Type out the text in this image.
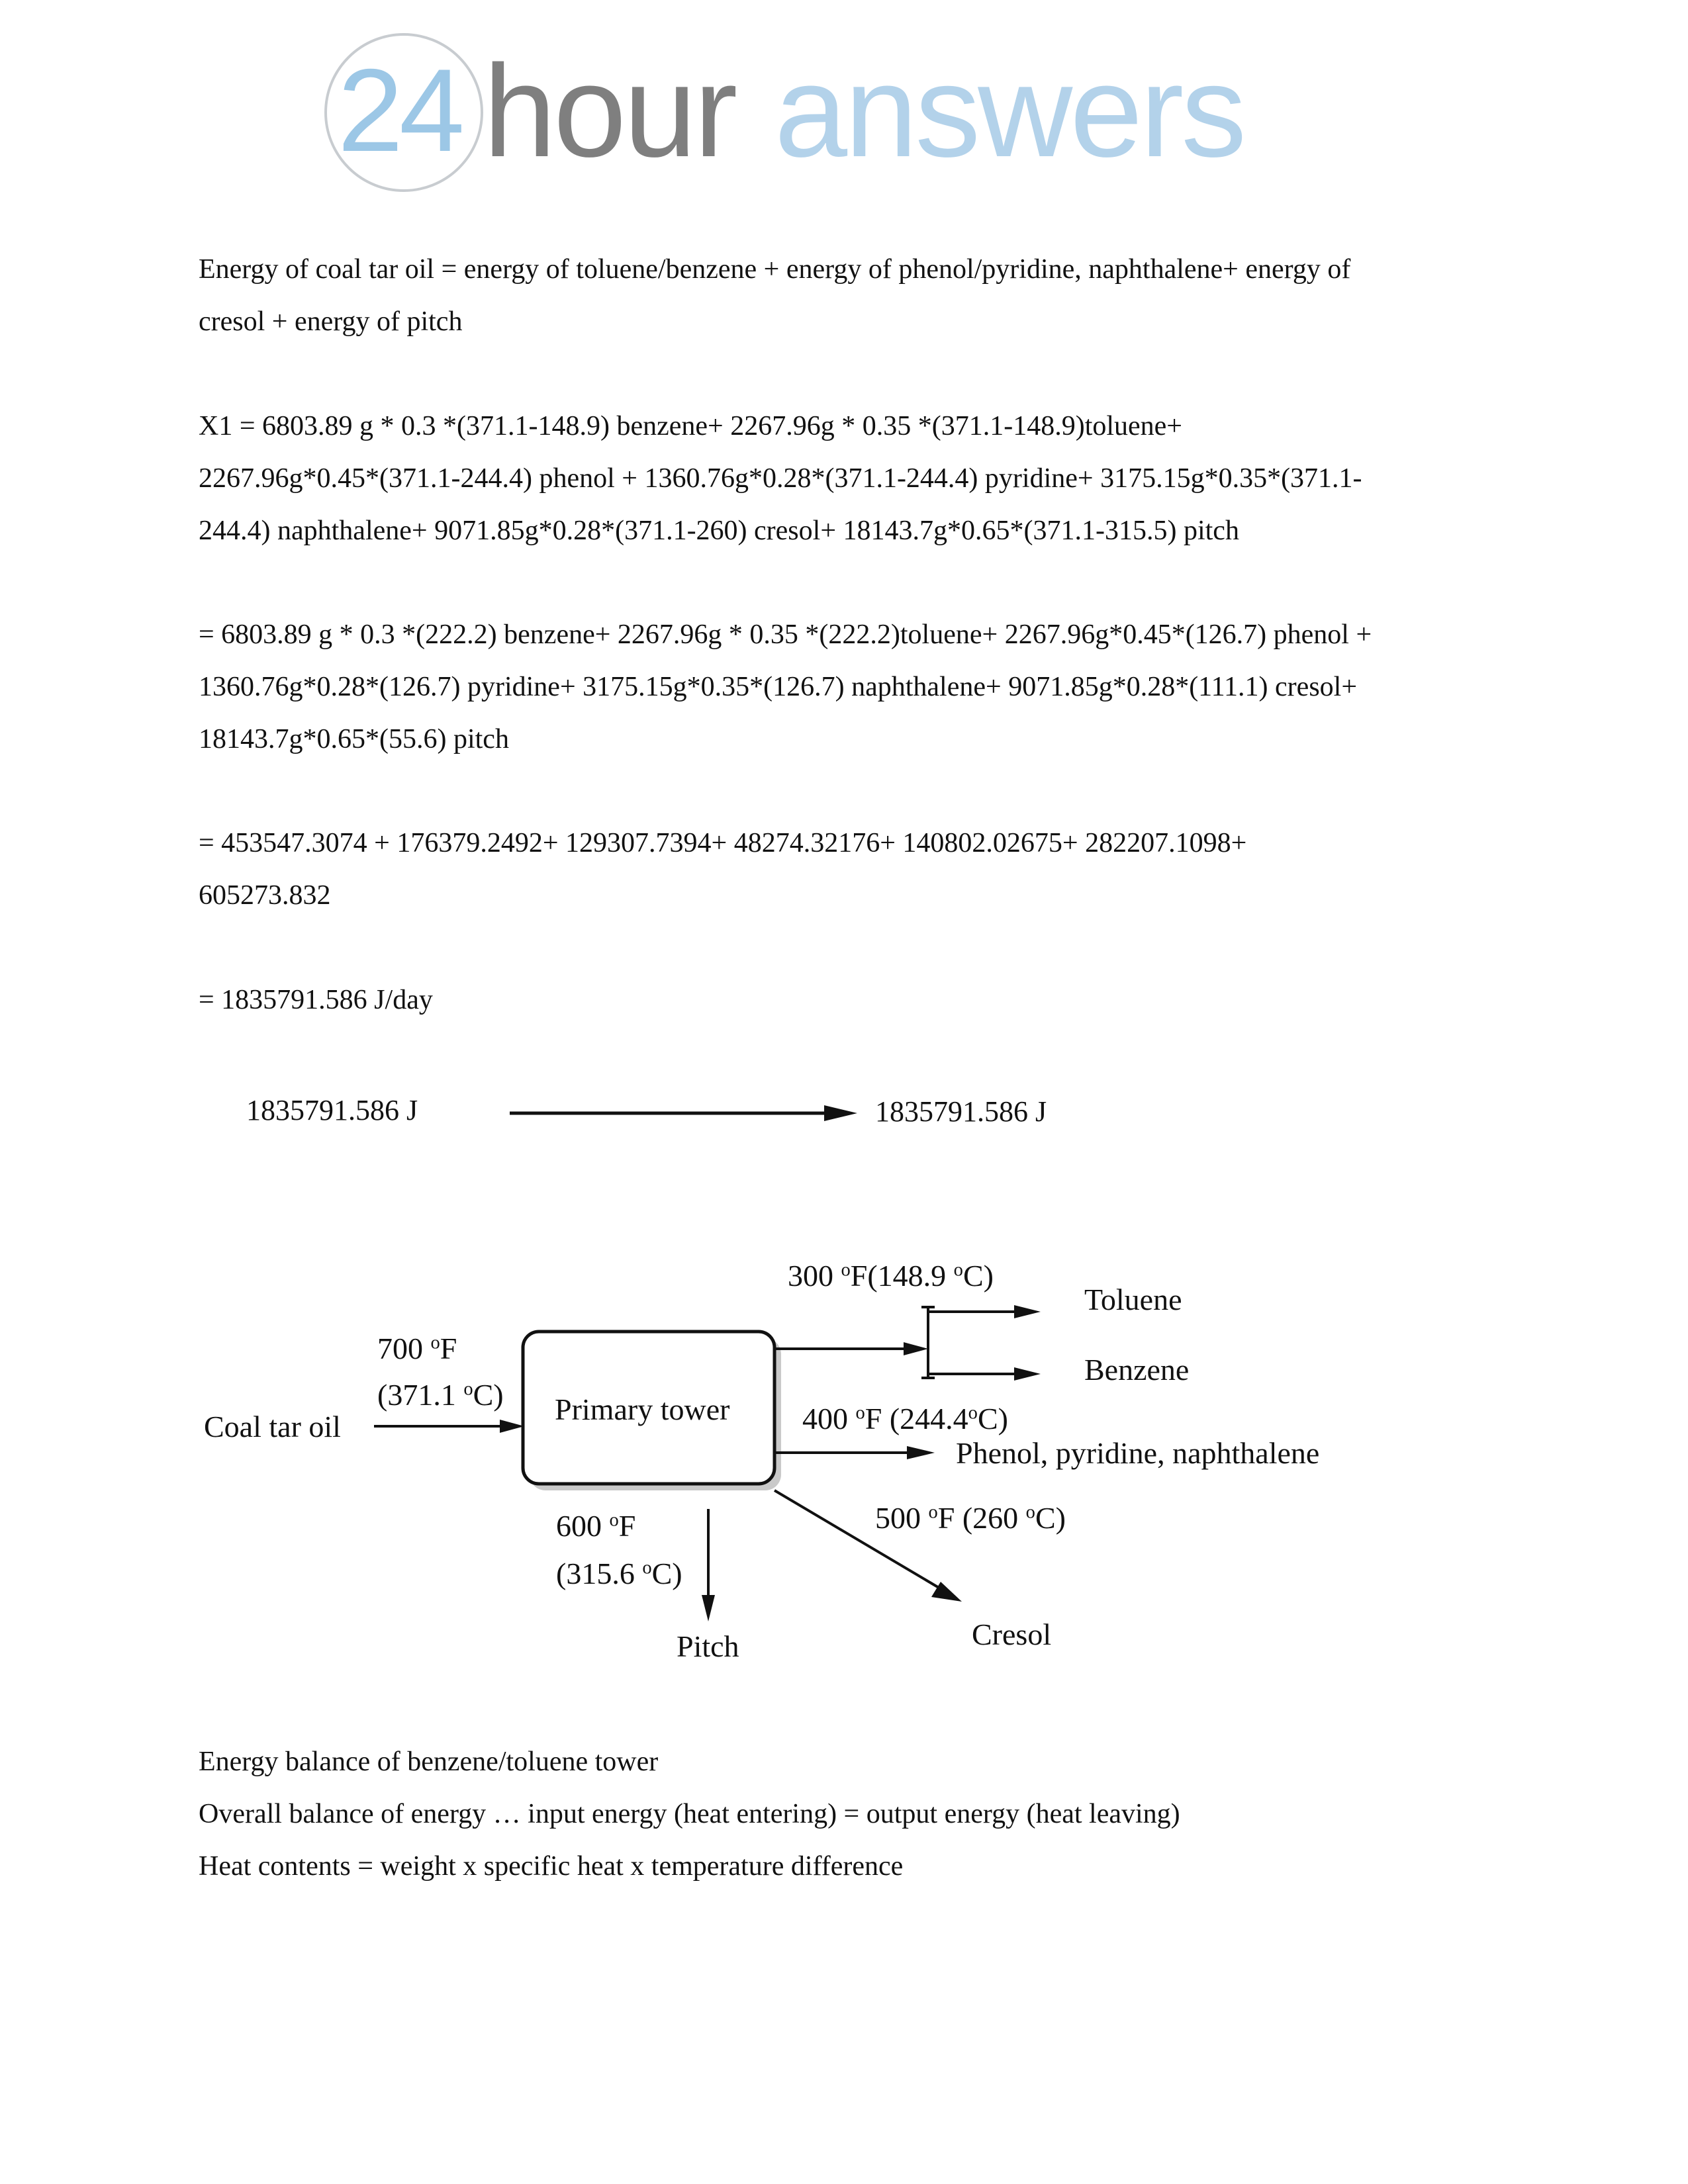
24 hour answers

Energy of coal tar oil = energy of toluene/benzene + energy of phenol/pyridine, naphthalene+ energy of
cresol + energy of pitch

X1 = 6803.89 g * 0.3 *(371.1-148.9) benzene+ 2267.96g * 0.35 *(371.1-148.9)toluene+
2267.96g*0.45*(371.1-244.4) phenol + 1360.76g*0.28*(371.1-244.4) pyridine+ 3175.15g*0.35*(371.1-
244.4) naphthalene+ 9071.85g*0.28*(371.1-260) cresol+ 18143.7g*0.65*(371.1-315.5) pitch

= 6803.89 g * 0.3 *(222.2) benzene+ 2267.96g * 0.35 *(222.2)toluene+ 2267.96g*0.45*(126.7) phenol +
1360.76g*0.28*(126.7) pyridine+ 3175.15g*0.35*(126.7) naphthalene+ 9071.85g*0.28*(111.1) cresol+
18143.7g*0.65*(55.6) pitch

= 453547.3074 + 176379.2492+ 129307.7394+ 48274.32176+ 140802.02675+ 282207.1098+
605273.832

= 1835791.586 J/day

1835791.586 J	1835791.586 J
Primary tower
Coal tar oil
700 $^o$F
(371.1 $^o$C)
300 $^o$F(148.9 $^o$C)
Toluene
Benzene
400 $^o$F (244.4$^o$C)
Phenol, pyridine, naphthalene
600 $^o$F
(315.6 $^o$C)
Pitch
500 $^o$F (260 $^o$C)
Cresol

Energy balance of benzene/toluene tower
Overall balance of energy … input energy (heat entering) = output energy (heat leaving)
Heat contents = weight x specific heat x temperature difference
